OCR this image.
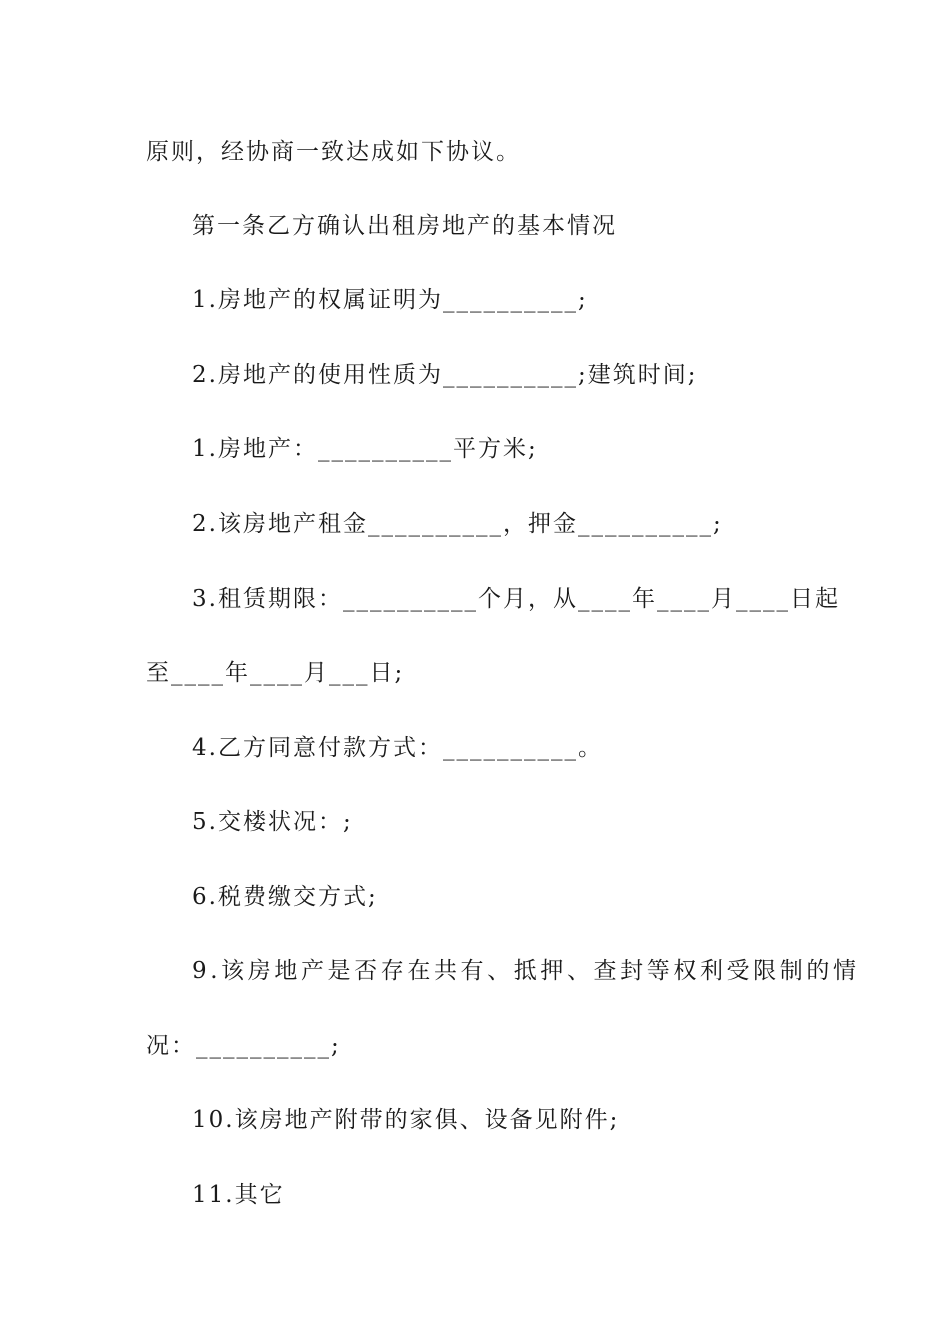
原则，经协商一致达成如下协议。
第一条乙方确认出租房地产的基本情况
1.房地产的权属证明为__________;
2.房地产的使用性质为__________;建筑时间;
1.房地产：__________平方米;
2.该房地产租金__________，押金__________;
3.租赁期限：__________个月，从____年____月____日起
至____年____月___日;
4.乙方同意付款方式：__________。
5.交楼状况：;
6.税费缴交方式;
9.该房地产是否存在共有、抵押、查封等权利受限制的情
况：__________;
10.该房地产附带的家俱、设备见附件;
11.其它
